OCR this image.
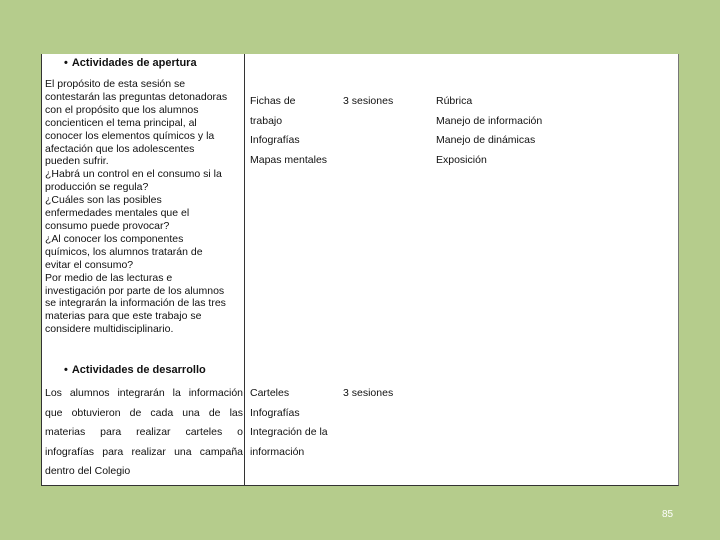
• Actividades de apertura
El propósito de esta sesión se
contestarán las preguntas detonadoras
con el propósito que los alumnos
concienticen el tema principal, al
conocer los elementos químicos y la
afectación que los adolescentes
pueden sufrir.
¿Habrá un control en el consumo si la
producción se regula?
¿Cuáles son las posibles
enfermedades mentales que el
consumo puede provocar?
¿Al conocer los componentes
químicos, los alumnos tratarán de
evitar el consumo?
Por medio de las lecturas e
investigación por parte de los alumnos
se integrarán la información de las tres
materias para que este trabajo se
considere multidisciplinario.
Fichas de
trabajo
Infografías
Mapas mentales
3 sesiones	Rúbrica
Manejo de información
Manejo de dinámicas
Exposición
• Actividades de desarrollo
Los alumnos integrarán la información
que obtuvieron de cada una de las
materias para realizar carteles o
infografías para realizar una campaña
dentro del Colegio
Carteles
Infografías
Integración de la
información
3 sesiones
85
